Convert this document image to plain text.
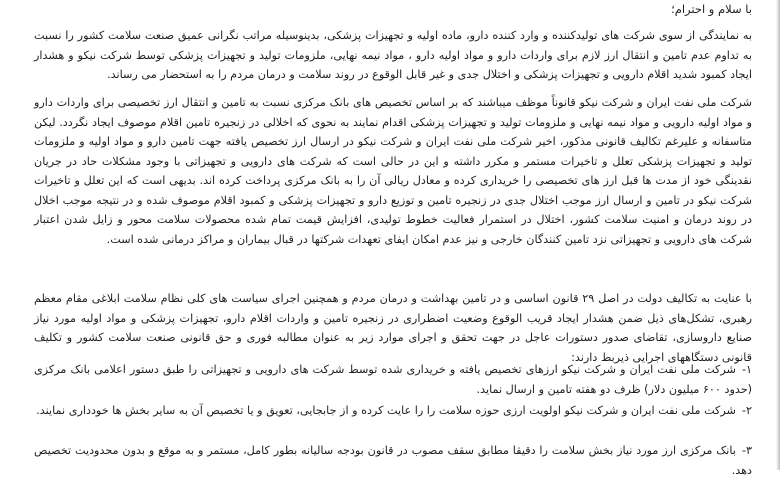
با سلام و احترام؛

به نمایندگی از سوی شرکت های تولیدکننده و وارد کننده دارو، ماده اولیه و تجهیزات پزشکی، بدینوسیله مراتب نگرانی عمیق صنعت سلامت کشور را نسبت به تداوم عدم تامین و انتقال ارز لازم برای واردات دارو و مواد اولیه دارو ، مواد نیمه نهایی، ملزومات تولید و تجهیزات پزشکی توسط شرکت نیکو و هشدار ایجاد کمبود شدید اقلام دارویی و تجهیزات پزشکی و اختلال جدی و غیر قابل الوقوع در روند سلامت و درمان مردم را به استحضار می رساند.

شرکت ملی نفت ایران و شرکت نیکو قانوناً موظف میباشند که بر اساس تخصیص های بانک مرکزی نسبت به تامین و انتقال ارز تخصیصی برای واردات دارو و مواد اولیه دارویی و مواد نیمه نهایی و ملزومات تولید و تجهیزات پزشکی اقدام نمایند به نحوی که اخلالی در زنجیره تامین اقلام موصوف ایجاد نگردد. لیکن متاسفانه و علیرغم تکالیف قانونی مذکور، اخیر شرکت ملی نفت ایران و شرکت نیکو در ارسال ارز تخصیص یافته جهت تامین دارو و مواد اولیه و ملزومات تولید و تجهیزات پزشکی تعلل و تاخیرات مستمر و مکرر داشته و این در حالی است که شرکت های دارویی و تجهیزاتی با وجود مشکلات حاد در جریان نقدینگی خود از مدت ها قبل ارز های تخصیصی را خریداری کرده و معادل ریالی آن را به بانک مرکزی پرداخت کرده اند. بدیهی است که این تعلل و تاخیرات شرکت نیکو در تامین و ارسال ارز موجب اختلال جدی در زنجیره تامین و توزیع دارو و تجهیزات پزشکی و کمبود اقلام موصوف شده و در نتیجه موجب اخلال در روند درمان و امنیت سلامت کشور، اختلال در استمرار فعالیت خطوط تولیدی، افزایش قیمت تمام شده محصولات سلامت محور و زایل شدن اعتبار شرکت های دارویی و تجهیزاتی نزد تامین کنندگان خارجی و نیز عدم امکان ایفای تعهدات شرکتها در قبال بیماران و مراکز درمانی شده است.

با عنایت به تکالیف دولت در اصل ۲۹ قانون اساسی و در تامین بهداشت و درمان مردم و همچنین اجرای سیاست های کلی نظام سلامت ابلاغی مقام معظم رهبری، تشکل‌های ذیل ضمن هشدار ایجاد قریب الوقوع وضعیت اضطراری در زنجیره تامین و واردات اقلام دارو، تجهیزات پزشکی و مواد اولیه مورد نیاز صنایع داروسازی، تقاضای صدور دستورات عاجل در جهت تحقق و اجرای موارد زیر به عنوان مطالبه فوری و حق قانونی صنعت سلامت کشور و تکلیف قانونی دستگاههای اجرایی ذیربط دارند:

۱-شرکت ملی نفت ایران و شرکت نیکو ارزهای تخصیص یافته و خریداری شده توسط شرکت های دارویی و تجهیزاتی را طبق دستور اعلامی بانک مرکزی (حدود ۶۰۰ میلیون دلار) ظرف دو هفته تامین و ارسال نماید.

۲-شرکت ملی نفت ایران و شرکت نیکو اولویت ارزی حوزه سلامت را را عایت کرده و از جابجایی، تعویق و یا تخصیص آن به سایر بخش ها خودداری نمایند.

۳-بانک مرکزی ارز مورد نیاز بخش سلامت را دقیقا مطابق سقف مصوب در قانون بودجه سالیانه بطور کامل، مستمر و به موقع و بدون محدودیت تخصیص دهد.
